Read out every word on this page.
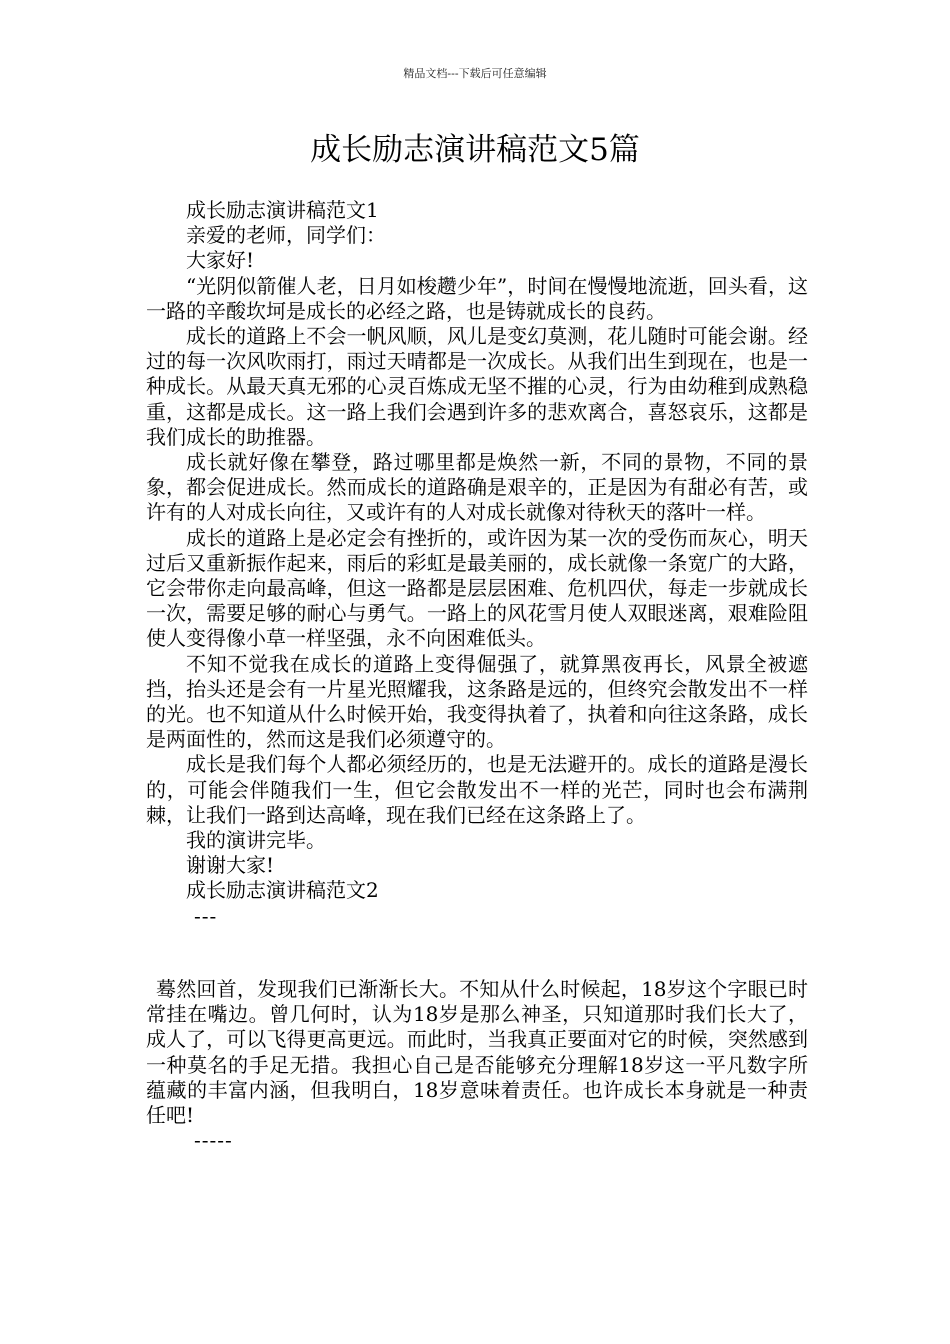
精品文档---下载后可任意编辑
成长励志演讲稿范文5篇

成长励志演讲稿范文1

亲爱的老师，同学们：

大家好!

“光阴似箭催人老，日月如梭趱少年”，时间在慢慢地流逝，回头看，这一路的辛酸坎坷是成长的必经之路，也是铸就成长的良药。

成长的道路上不会一帆风顺，风儿是变幻莫测，花儿随时可能会谢。经过的每一次风吹雨打，雨过天晴都是一次成长。从我们出生到现在，也是一种成长。从最天真无邪的心灵百炼成无坚不摧的心灵，行为由幼稚到成熟稳重，这都是成长。这一路上我们会遇到许多的悲欢离合，喜怒哀乐，这都是我们成长的助推器。

成长就好像在攀登，路过哪里都是焕然一新，不同的景物，不同的景象，都会促进成长。然而成长的道路确是艰辛的，正是因为有甜必有苦，或许有的人对成长向往，又或许有的人对成长就像对待秋天的落叶一样。

成长的道路上是必定会有挫折的，或许因为某一次的受伤而灰心，明天过后又重新振作起来，雨后的彩虹是最美丽的，成长就像一条宽广的大路，它会带你走向最高峰，但这一路都是层层困难、危机四伏，每走一步就成长一次，需要足够的耐心与勇气。一路上的风花雪月使人双眼迷离，艰难险阻使人变得像小草一样坚强，永不向困难低头。

不知不觉我在成长的道路上变得倔强了，就算黑夜再长，风景全被遮挡，抬头还是会有一片星光照耀我，这条路是远的，但终究会散发出不一样的光。也不知道从什么时候开始，我变得执着了，执着和向往这条路，成长是两面性的，然而这是我们必须遵守的。

成长是我们每个人都必须经历的，也是无法避开的。成长的道路是漫长的，可能会伴随我们一生，但它会散发出不一样的光芒，同时也会布满荆棘，让我们一路到达高峰，现在我们已经在这条路上了。

我的演讲完毕。

谢谢大家!

成长励志演讲稿范文2

---

蓦然回首，发现我们已渐渐长大。不知从什么时候起，18岁这个字眼已时常挂在嘴边。曾几何时，认为18岁是那么神圣，只知道那时我们长大了，成人了，可以飞得更高更远。而此时，当我真正要面对它的时候，突然感到一种莫名的手足无措。我担心自己是否能够充分理解18岁这一平凡数字所蕴藏的丰富内涵，但我明白，18岁意味着责任。也许成长本身就是一种责任吧!

-----
